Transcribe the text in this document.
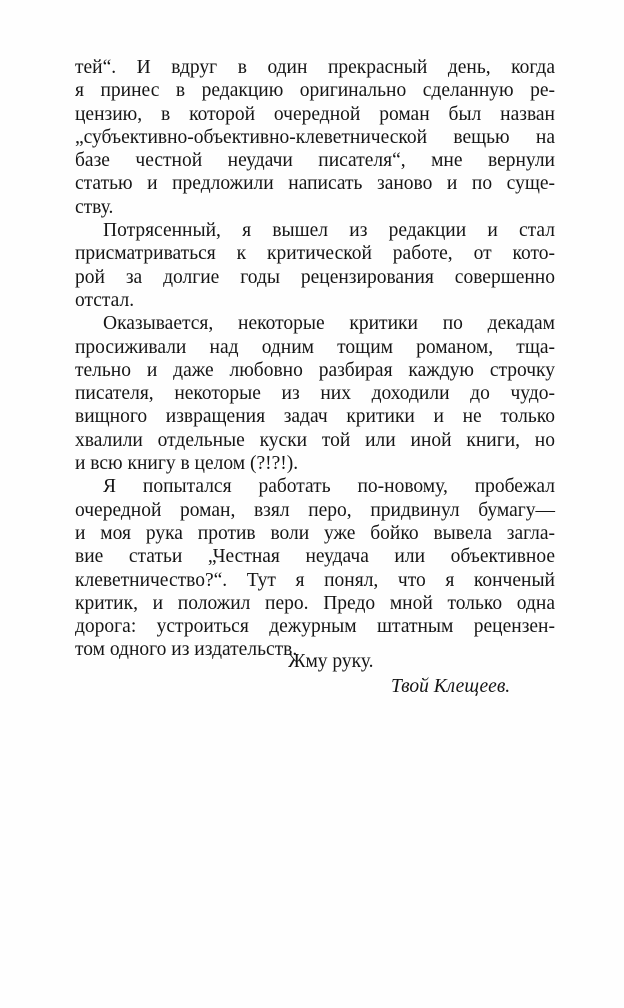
тей“. И вдруг в один прекрасный день, когда
я принес в редакцию оригинально сделанную ре-
цензию, в которой очередной роман был назван
„субъективно-объективно-клеветнической вещью на
базе честной неудачи писателя“, мне вернули
статью и предложили написать заново и по суще-
ству.
Потрясенный, я вышел из редакции и стал
присматриваться к критической работе, от кото-
рой за долгие годы рецензирования совершенно
отстал.
Оказывается, некоторые критики по декадам
просиживали над одним тощим романом, тща-
тельно и даже любовно разбирая каждую строчку
писателя, некоторые из них доходили до чудо-
вищного извращения задач критики и не только
хвалили отдельные куски той или иной книги, но
и всю книгу в целом (?!?!).
Я попытался работать по-новому, пробежал
очередной роман, взял перо, придвинул бумагу—
и моя рука против воли уже бойко вывела загла-
вие статьи „Честная неудача или объективное
клеветничество?“. Тут я понял, что я конченый
критик, и положил перо. Предо мной только одна
дорога: устроиться дежурным штатным рецензен-
том одного из издательств.
Жму руку.
Твой Клещеев.
